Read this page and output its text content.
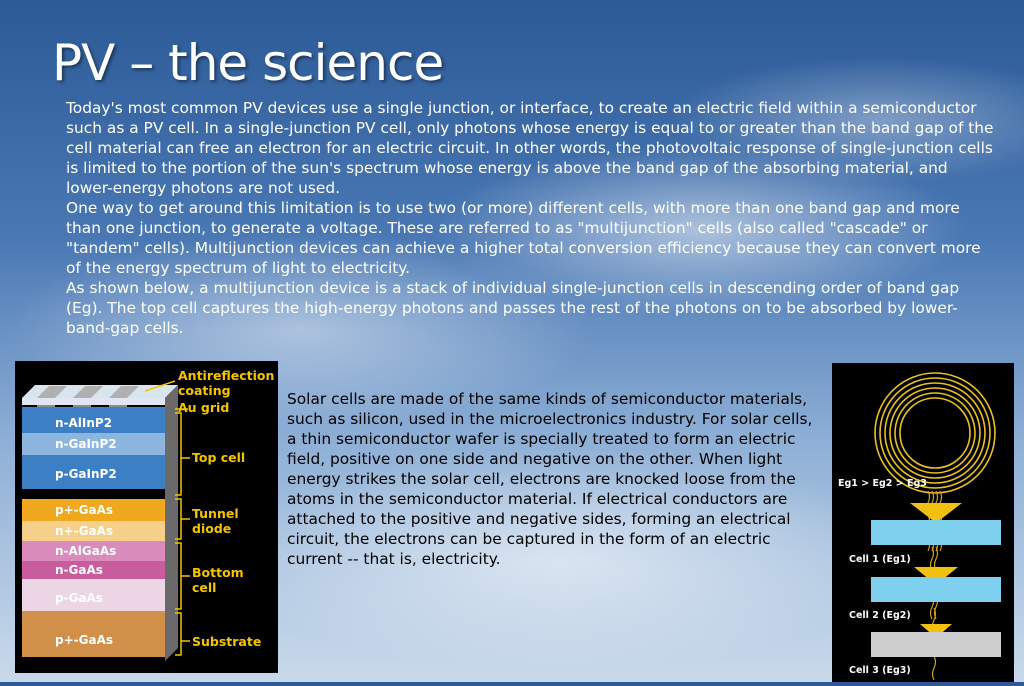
PV – the science

Today's most common PV devices use a single junction, or interface, to create an electric field within a semiconductor such as a PV cell. In a single-junction PV cell, only photons whose energy is equal to or greater than the band gap of the cell material can free an electron for an electric circuit. In other words, the photovoltaic response of single-junction cells is limited to the portion of the sun's spectrum whose energy is above the band gap of the absorbing material, and lower-energy photons are not used.

One way to get around this limitation is to use two (or more) different cells, with more than one band gap and more than one junction, to generate a voltage. These are referred to as "multijunction" cells (also called "cascade" or "tandem" cells). Multijunction devices can achieve a higher total conversion efficiency because they can convert more of the energy spectrum of light to electricity.

As shown below, a multijunction device is a stack of individual single-junction cells in descending order of band gap (Eg). The top cell captures the high-energy photons and passes the rest of the photons on to be absorbed by lower-band-gap cells.

n-AlInP2
n-GaInP2
p-GaInP2
p+-GaAs
n+-GaAs
n-AlGaAs
n-GaAs
p-GaAs
p+-GaAs
Antireflection
coating
Au grid
Top cell
Tunnel
diode
Bottom
cell
Substrate

Solar cells are made of the same kinds of semiconductor materials, such as silicon, used in the microelectronics industry. For solar cells, a thin semiconductor wafer is specially treated to form an electric field, positive on one side and negative on the other. When light energy strikes the solar cell, electrons are knocked loose from the atoms in the semiconductor material. If electrical conductors are attached to the positive and negative sides, forming an electrical circuit, the electrons can be captured in the form of an electric current -- that is, electricity.

Eg1 > Eg2 > Eg3
Cell 1 (Eg1)
Cell 2 (Eg2)
Cell 3 (Eg3)
